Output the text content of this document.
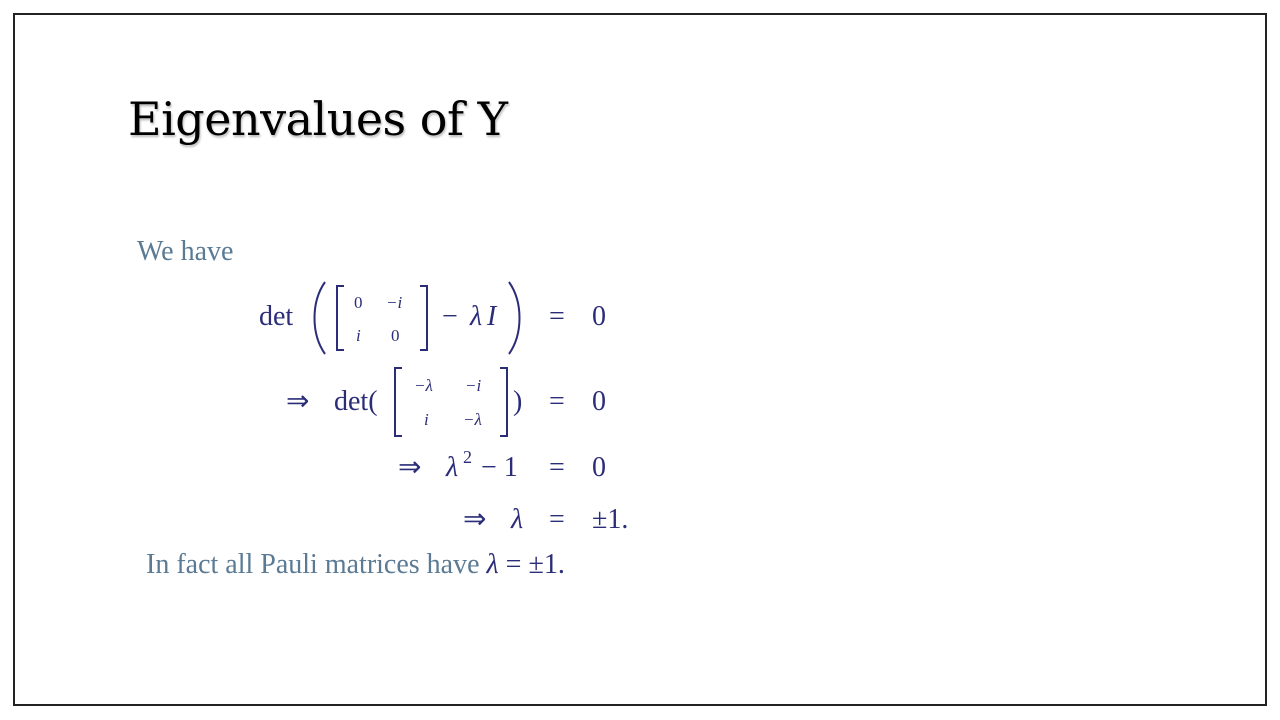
Eigenvalues of Y
We have
det	0 −i
i 0
− λ I = 0
⇒ det(
−λ −i
i −λ
) = 0
⇒ λ 2 − 1 = 0
⇒ λ = ±1.
In fact all Pauli matrices have λ = ±1.
